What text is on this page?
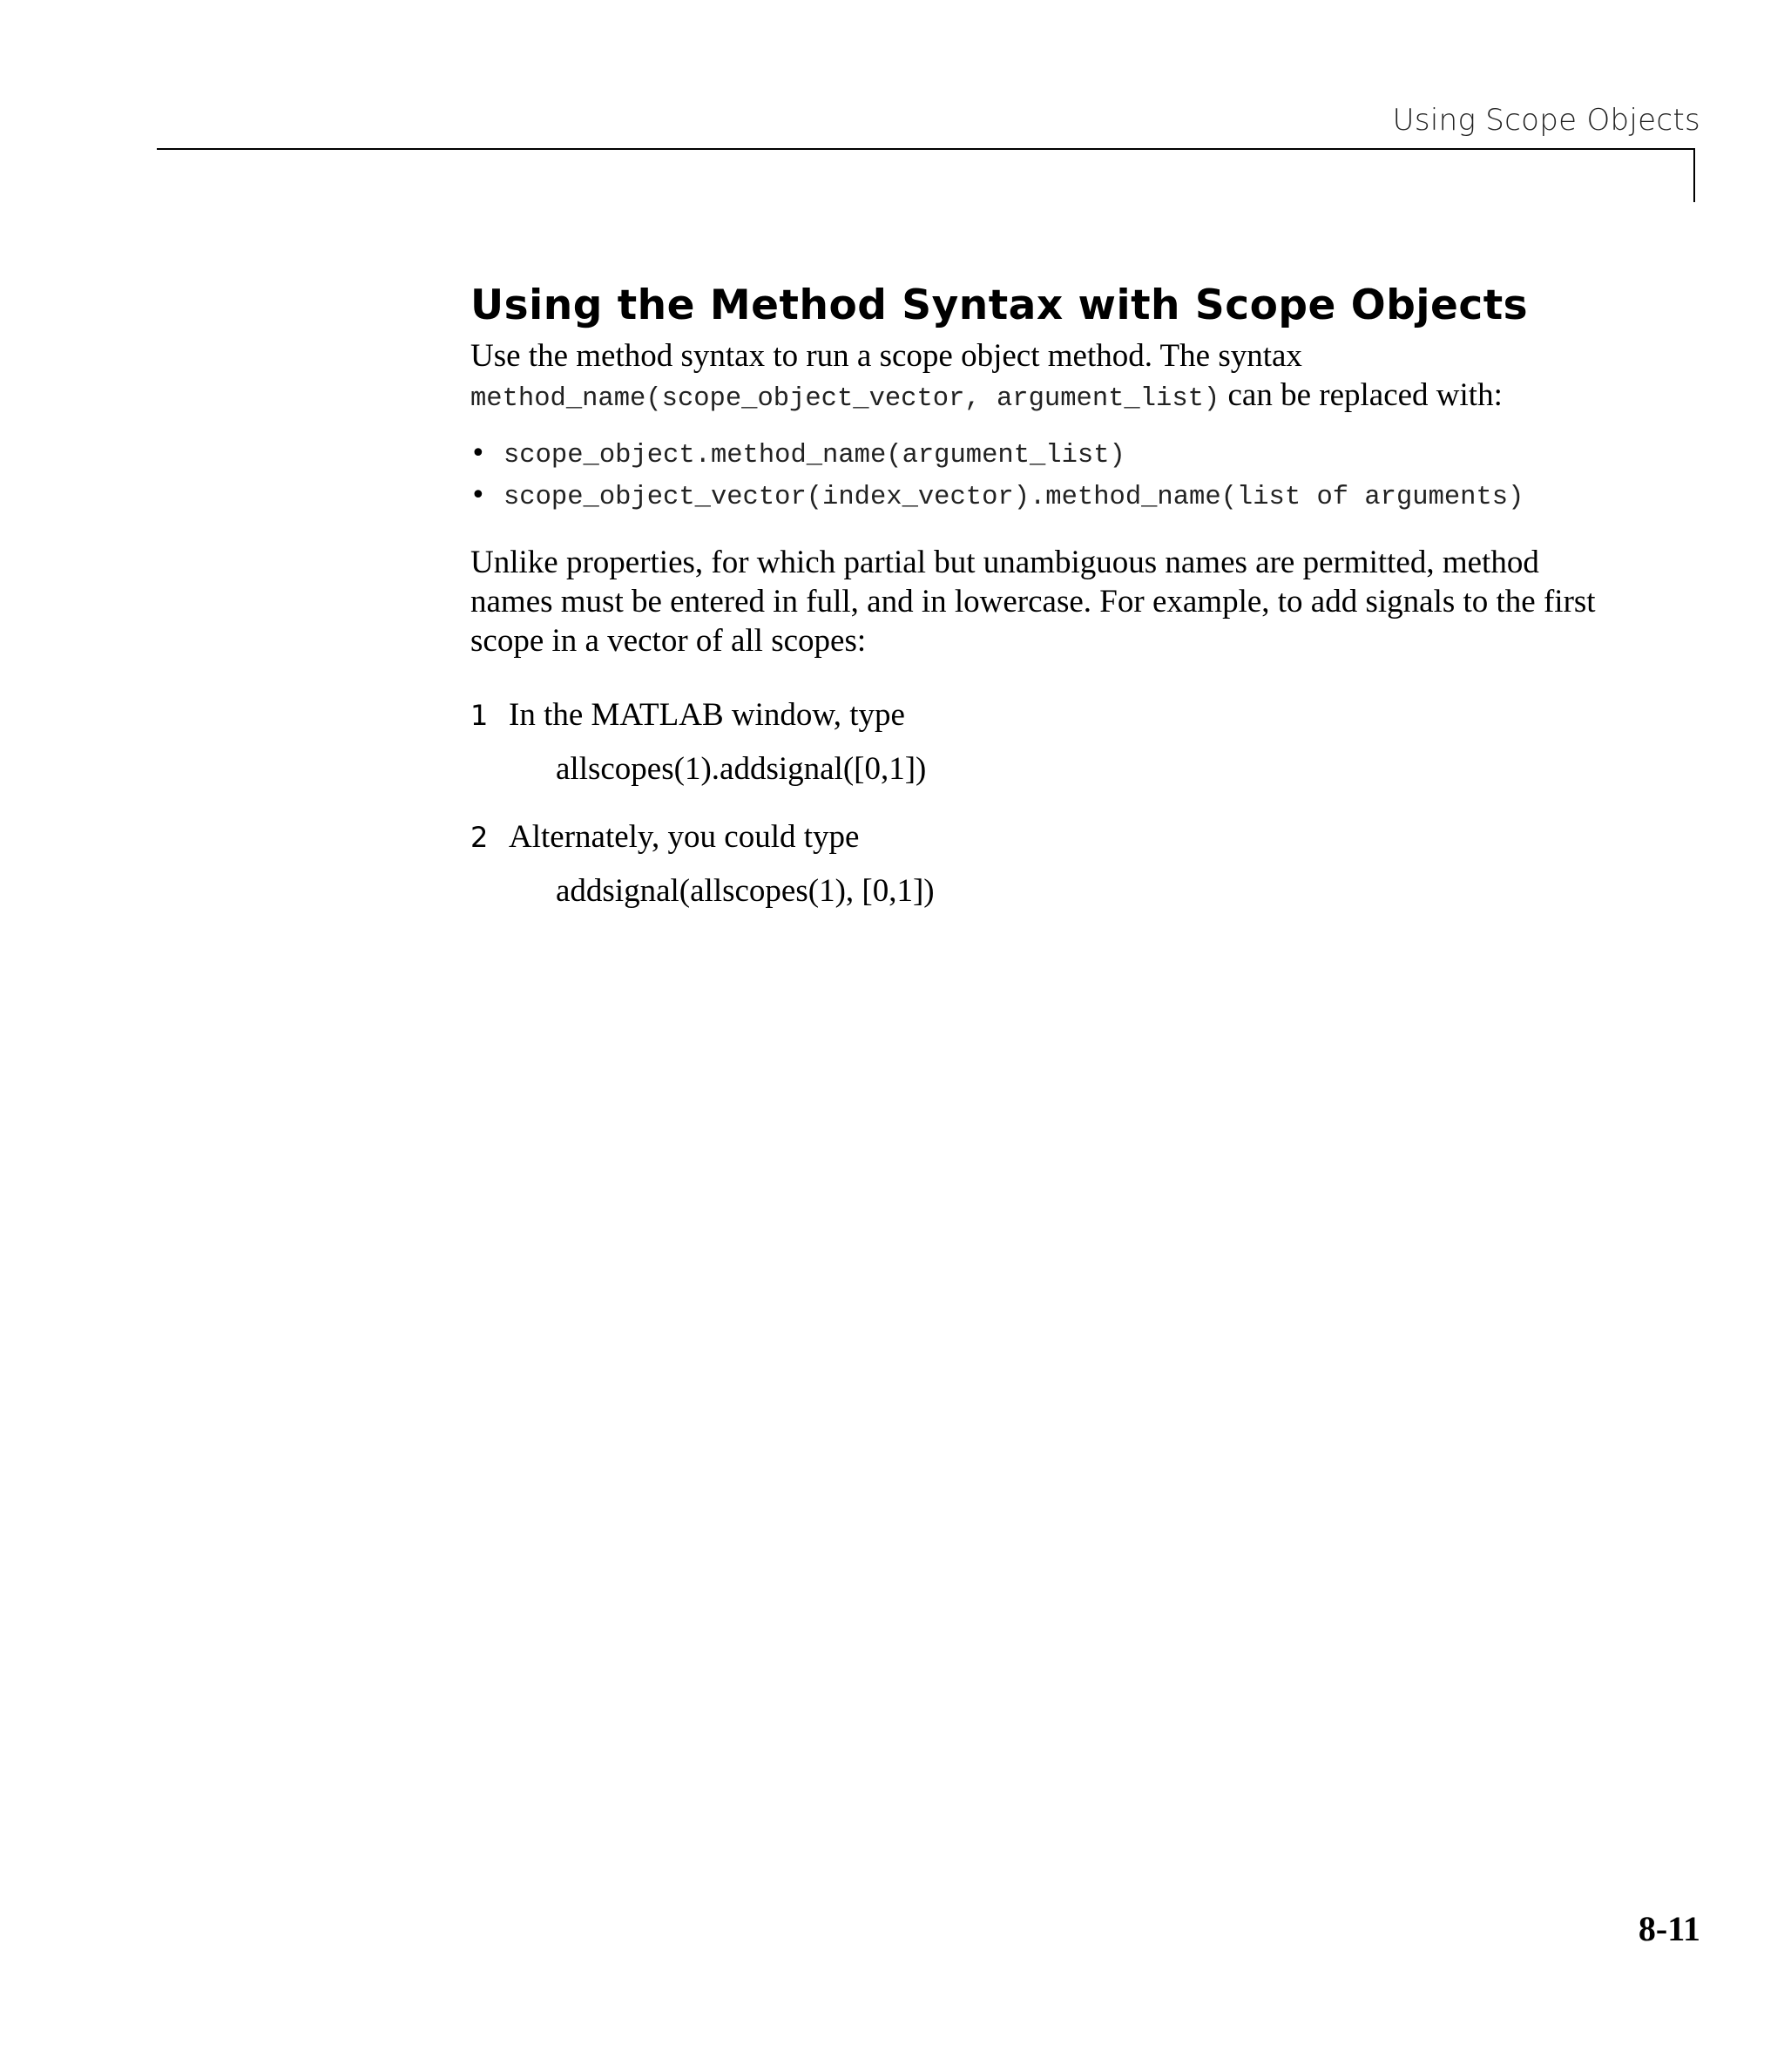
Using Scope Objects
Using the Method Syntax with Scope Objects

Use the method syntax to run a scope object method. The syntax
method_name(scope_object_vector, argument_list) can be replaced with:

• scope_object.method_name(argument_list)
• scope_object_vector(index_vector).method_name(list of arguments)

Unlike properties, for which partial but unambiguous names are permitted, method names must be entered in full, and in lowercase. For example, to add signals to the first scope in a vector of all scopes:

1 In the MATLAB window, type
allscopes(1).addsignal([0,1])
2 Alternately, you could type
addsignal(allscopes(1), [0,1])
8-11
